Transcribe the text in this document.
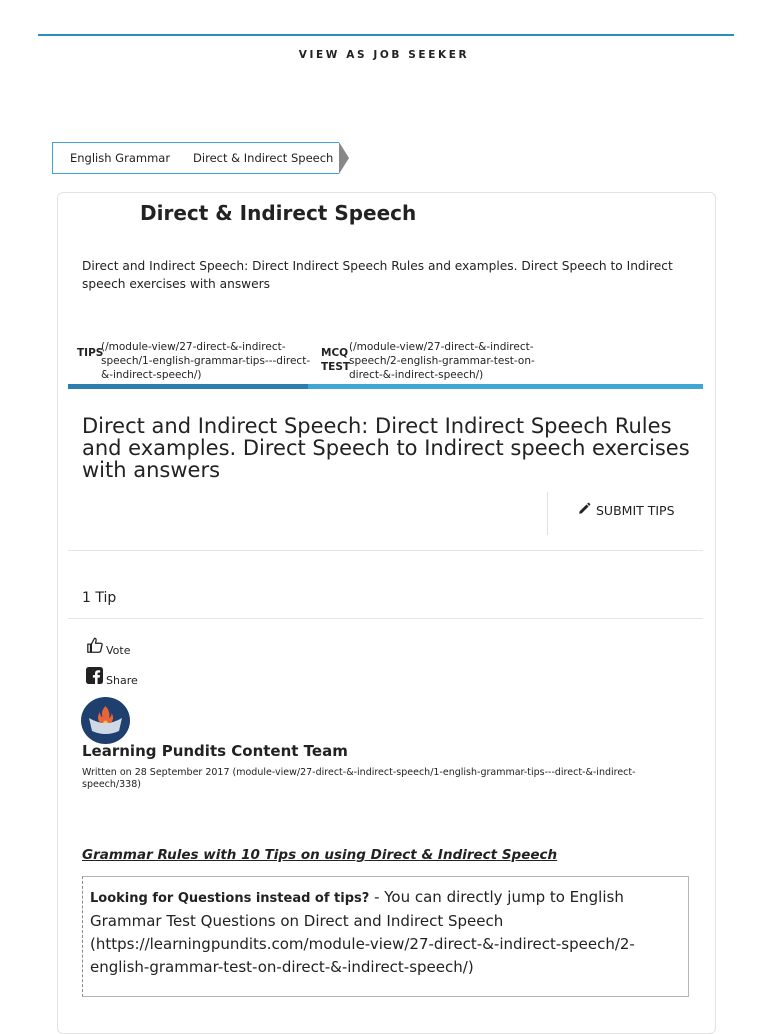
VIEW AS JOB SEEKER
English Grammar	Direct & Indirect Speech
Direct & Indirect Speech
Direct and Indirect Speech: Direct Indirect Speech Rules and examples. Direct Speech to Indirect speech exercises with answers
TIPS
(/module-view/27-direct-&-indirect-speech/1-english-grammar-tips---direct-&-indirect-speech/)
MCQ
TEST
(/module-view/27-direct-&-indirect-speech/2-english-grammar-test-on-direct-&-indirect-speech/)
Direct and Indirect Speech: Direct Indirect Speech Rules and examples. Direct Speech to Indirect speech exercises with answers
SUBMIT TIPS
1 Tip
Vote
Share
Learning Pundits Content Team
Written on 28 September 2017 (module-view/27-direct-&-indirect-speech/1-english-grammar-tips---direct-&-indirect-speech/338)
Grammar Rules with 10 Tips on using Direct & Indirect Speech
Looking for Questions instead of tips? - You can directly jump to English Grammar Test Questions on Direct and Indirect Speech (https://learningpundits.com/module-view/27-direct-&-indirect-speech/2-english-grammar-test-on-direct-&-indirect-speech/)
